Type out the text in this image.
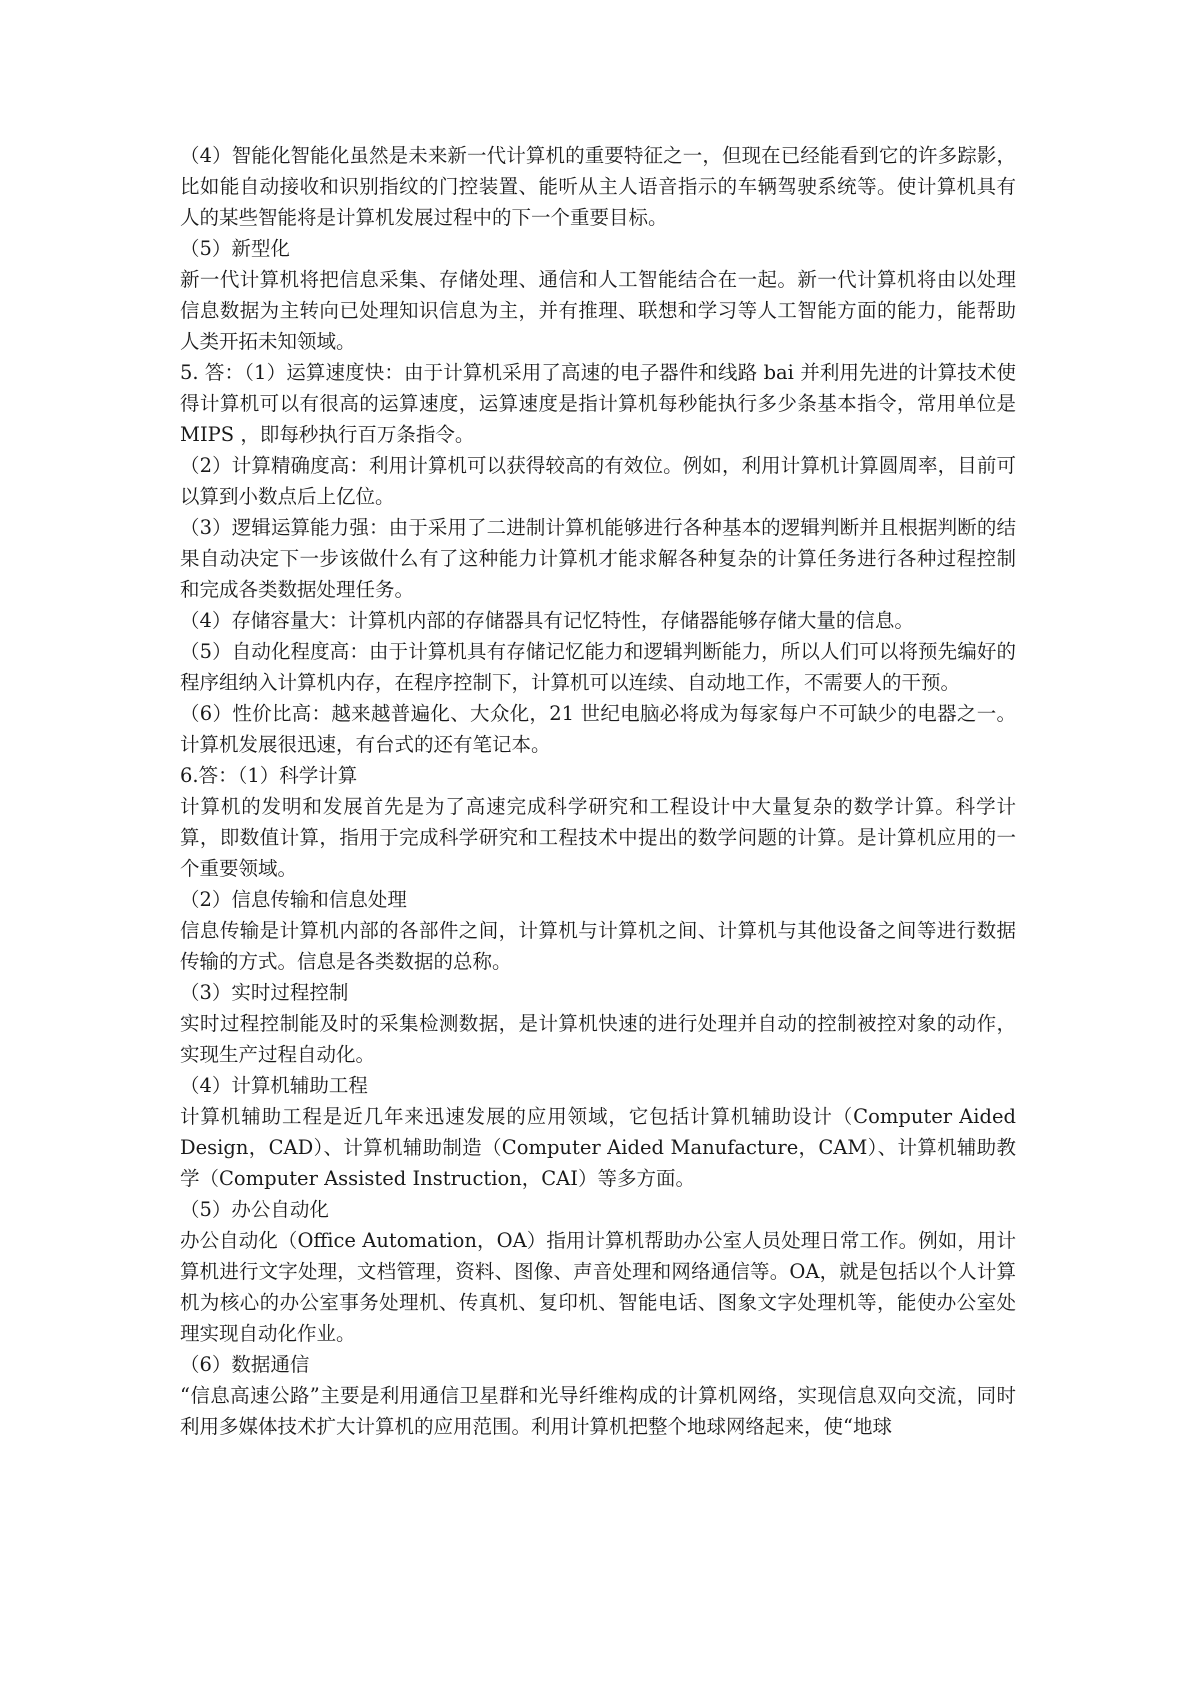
（4）智能化智能化虽然是未来新一代计算机的重要特征之一，但现在已经能看到它的许多踪影，比如能自动接收和识别指纹的门控装置、能听从主人语音指示的车辆驾驶系统等。使计算机具有人的某些智能将是计算机发展过程中的下一个重要目标。

（5）新型化

新一代计算机将把信息采集、存储处理、通信和人工智能结合在一起。新一代计算机将由以处理信息数据为主转向已处理知识信息为主，并有推理、联想和学习等人工智能方面的能力，能帮助人类开拓未知领域。

5. 答：（1）运算速度快：由于计算机采用了高速的电子器件和线路 bai 并利用先进的计算技术使得计算机可以有很高的运算速度，运算速度是指计算机每秒能执行多少条基本指令，常用单位是 MIPS ，即每秒执行百万条指令。

（2）计算精确度高：利用计算机可以获得较高的有效位。例如，利用计算机计算圆周率，目前可以算到小数点后上亿位。

（3）逻辑运算能力强：由于采用了二进制计算机能够进行各种基本的逻辑判断并且根据判断的结果自动决定下一步该做什么有了这种能力计算机才能求解各种复杂的计算任务进行各种过程控制和完成各类数据处理任务。

（4）存储容量大：计算机内部的存储器具有记忆特性，存储器能够存储大量的信息。

（5）自动化程度高：由于计算机具有存储记忆能力和逻辑判断能力，所以人们可以将预先编好的程序组纳入计算机内存，在程序控制下，计算机可以连续、自动地工作，不需要人的干预。

（6）性价比高：越来越普遍化、大众化，21 世纪电脑必将成为每家每户不可缺少的电器之一。计算机发展很迅速，有台式的还有笔记本。

6.答：（1）科学计算

计算机的发明和发展首先是为了高速完成科学研究和工程设计中大量复杂的数学计算。科学计算，即数值计算，指用于完成科学研究和工程技术中提出的数学问题的计算。是计算机应用的一个重要领域。

（2）信息传输和信息处理

信息传输是计算机内部的各部件之间，计算机与计算机之间、计算机与其他设备之间等进行数据传输的方式。信息是各类数据的总称。

（3）实时过程控制

实时过程控制能及时的采集检测数据，是计算机快速的进行处理并自动的控制被控对象的动作，实现生产过程自动化。

（4）计算机辅助工程

计算机辅助工程是近几年来迅速发展的应用领域，它包括计算机辅助设计（Computer Aided Design，CAD）、计算机辅助制造（Computer Aided Manufacture，CAM）、计算机辅助教学（Computer Assisted Instruction，CAI）等多方面。

（5）办公自动化

办公自动化（Office Automation，OA）指用计算机帮助办公室人员处理日常工作。例如，用计算机进行文字处理，文档管理，资料、图像、声音处理和网络通信等。OA，就是包括以个人计算机为核心的办公室事务处理机、传真机、复印机、智能电话、图象文字处理机等，能使办公室处理实现自动化作业。

（6）数据通信

“信息高速公路”主要是利用通信卫星群和光导纤维构成的计算机网络，实现信息双向交流，同时利用多媒体技术扩大计算机的应用范围。利用计算机把整个地球网络起来，使“地球
